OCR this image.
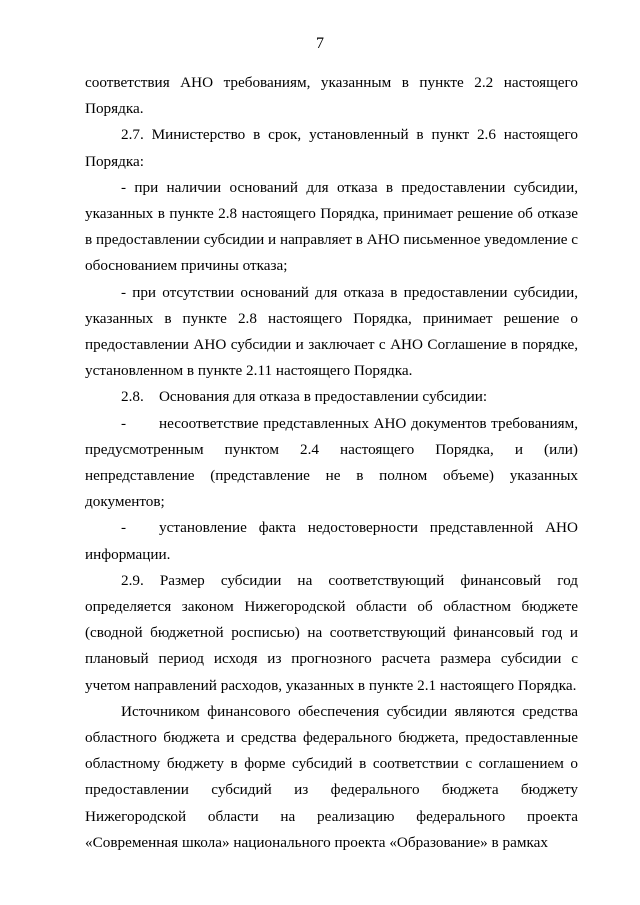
7

соответствия АНО требованиям, указанным в пункте 2.2 настоящего Порядка.

2.7. Министерство в срок, установленный в пункт 2.6 настоящего Порядка:

- при наличии оснований для отказа в предоставлении субсидии, указанных в пункте 2.8 настоящего Порядка, принимает решение об отказе в предоставлении субсидии и направляет в АНО письменное уведомление с обоснованием причины отказа;

- при отсутствии оснований для отказа в предоставлении субсидии, указанных в пункте 2.8 настоящего Порядка, принимает решение о предоставлении АНО субсидии и заключает с АНО Соглашение в порядке, установленном в пункте 2.11 настоящего Порядка.

2.8.    Основания для отказа в предоставлении субсидии:

- несоответствие представленных АНО документов требованиям, предусмотренным пунктом 2.4 настоящего Порядка, и (или) непредставление (представление не в полном объеме) указанных документов;

- установление факта недостоверности представленной АНО информации.

2.9. Размер субсидии на соответствующий финансовый год определяется законом Нижегородской области об областном бюджете (сводной бюджетной росписью) на соответствующий финансовый год и плановый период исходя из прогнозного расчета размера субсидии с учетом направлений расходов, указанных в пункте 2.1 настоящего Порядка.

Источником финансового обеспечения субсидии являются средства областного бюджета и средства федерального бюджета, предоставленные областному бюджету в форме субсидий в соответствии с соглашением о предоставлении субсидий из федерального бюджета бюджету Нижегородской области на реализацию федерального проекта «Современная школа» национального проекта «Образование» в рамках
